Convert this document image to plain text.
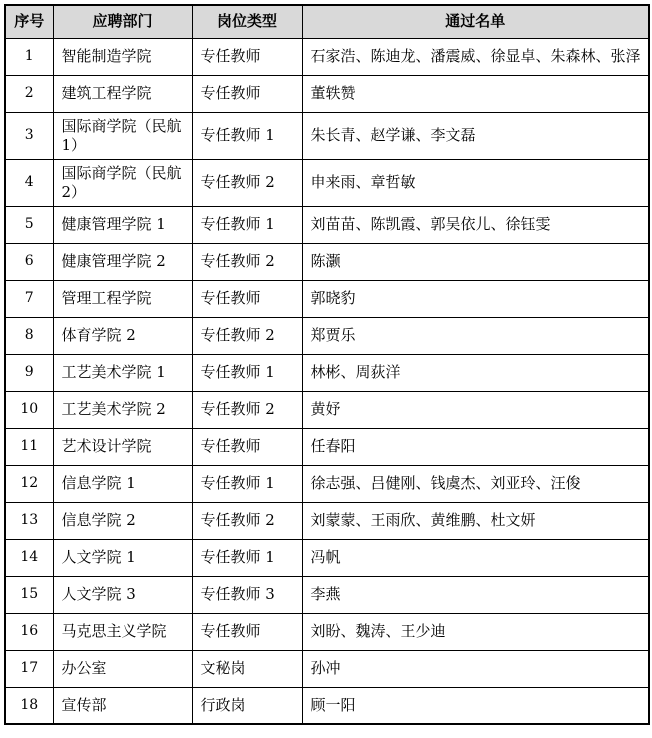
序号	应聘部门	岗位类型	通过名单
1	智能制造学院	专任教师	石家浩、陈迪龙、潘震威、徐显卓、朱森林、张泽
2	建筑工程学院	专任教师	董轶赞
3	国际商学院（民航1）	专任教师 1	朱长青、赵学谦、李文磊
4	国际商学院（民航2）	专任教师 2	申来雨、章哲敏
5	健康管理学院 1	专任教师 1	刘苗苗、陈凯霞、郭吴依儿、徐钰雯
6	健康管理学院 2	专任教师 2	陈灏
7	管理工程学院	专任教师	郭晓豹
8	体育学院 2	专任教师 2	郑贾乐
9	工艺美术学院 1	专任教师 1	林彬、周荻洋
10	工艺美术学院 2	专任教师 2	黄妤
11	艺术设计学院	专任教师	任春阳
12	信息学院 1	专任教师 1	徐志强、吕健刚、钱虞杰、刘亚玲、汪俊
13	信息学院 2	专任教师 2	刘蒙蒙、王雨欣、黄维鹏、杜文妍
14	人文学院 1	专任教师 1	冯帆
15	人文学院 3	专任教师 3	李燕
16	马克思主义学院	专任教师	刘盼、魏涛、王少迪
17	办公室	文秘岗	孙冲
18	宣传部	行政岗	顾一阳
